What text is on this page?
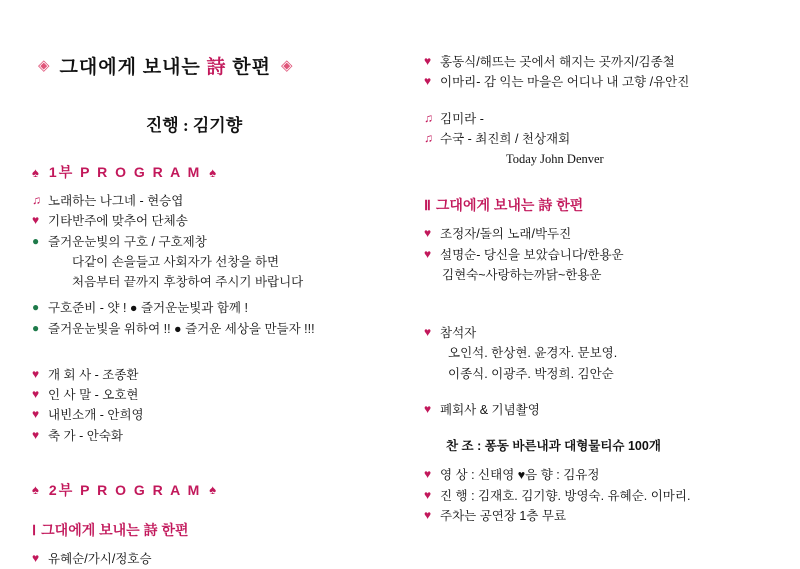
◈ 그대에게 보내는 詩 한편 ◈
진행 : 김기향
♠ 1부 P R O G R A M ♠
♫ 노래하는 나그네 - 현승엽
♥ 기타반주에 맞추어 단체송
● 즐거운눈빛의 구호 / 구호제창
다같이 손을들고 사회자가 선창을 하면
처음부터 끝까지 후창하여 주시기 바랍니다
● 구호준비 - 얏 ! ● 즐거운눈빛과 함께 !
● 즐거운눈빛을 위하여 !! ● 즐거운 세상을 만들자 !!!
♥ 개 회 사 - 조종환
♥ 인 사 말 - 오호현
♥ 내빈소개 - 안희영
♥ 축 가 - 안숙화
♠ 2부 P R O G R A M ♠
Ⅰ 그대에게 보내는 詩 한편
♥ 유혜순/가시/정호승
♥ 홍동식/해뜨는 곳에서 해지는 곳까지/김종철
♥ 이마리- 감 익는 마을은 어디나 내 고향 /유안진
♫ 김미라 -
♫ 수국 - 최진희 / 천상재회
Today John Denver
Ⅱ 그대에게 보내는 詩 한편
♥ 조정자/돌의 노래/박두진
♥ 설명순- 당신을 보았습니다/한용운
김현숙~사랑하는까닭~한용운
♥ 참석자
오인석. 한상현. 윤경자. 문보영.
이종식. 이광주. 박정희. 김안순
♥ 폐회사 & 기념촬영
찬 조 : 퐁동 바른내과 대형물티슈 100개
♥ 영 상 : 신태영 ♥음 향 : 김유정
♥ 진 행 : 김재호. 김기향. 방영숙. 유혜순. 이마리.
♥ 주차는 공연장 1층 무료
